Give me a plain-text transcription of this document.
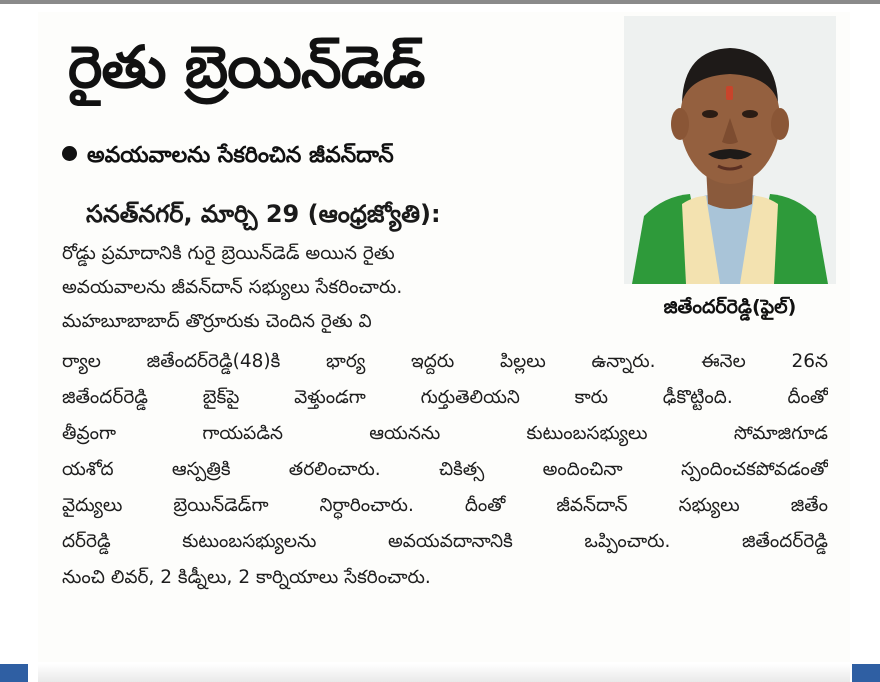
రైతు బ్రెయిన్‌డెడ్
అవయవాలను సేకరించిన జీవన్‌దాన్
జితేందర్‌రెడ్డి(ఫైల్)
సనత్‌నగర్, మార్చి 29 (ఆంధ్రజ్యోతి):
రోడ్డు ప్రమాదానికి గురై బ్రెయిన్‌డెడ్ అయిన రైతు
అవయవాలను జీవన్‌దాన్ సభ్యులు సేకరించారు.
మహబూబాబాద్ తొర్రూరుకు చెందిన రైతు వి
ర్యాల జితేందర్‌రెడ్డి(48)కి భార్య ఇద్దరు పిల్లలు ఉన్నారు. ఈనెల 26న
జితేందర్‌రెడ్డి బైక్‌పై వెళ్తుండగా గుర్తుతెలియని కారు ఢీకొట్టింది. దీంతో
తీవ్రంగా గాయపడిన ఆయనను కుటుంబసభ్యులు సోమాజిగూడ
యశోద ఆస్పత్రికి తరలించారు. చికిత్స అందించినా స్పందించకపోవడంతో
వైద్యులు బ్రెయిన్‌డెడ్‌గా నిర్ధారించారు. దీంతో జీవన్‌దాన్ సభ్యులు జితేం
దర్‌రెడ్డి కుటుంబసభ్యులను అవయవదానానికి ఒప్పించారు. జితేందర్‌రెడ్డి
నుంచి లివర్, 2 కిడ్నీలు, 2 కార్నియాలు సేకరించారు.
